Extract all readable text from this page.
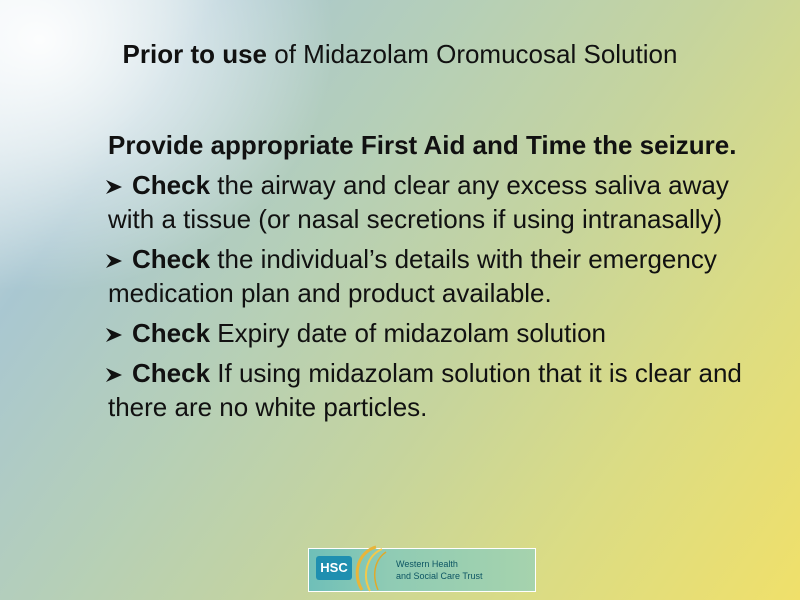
Prior to use of Midazolam Oromucosal Solution
Provide appropriate First Aid and Time the seizure.
Check the airway and clear any excess saliva away with a tissue (or nasal secretions if using intranasally)
Check the individual’s details with their emergency medication plan and product available.
Check Expiry date of midazolam solution
Check If using midazolam solution that it is clear and there are no white particles.
HSC	Western Health
and Social Care Trust
